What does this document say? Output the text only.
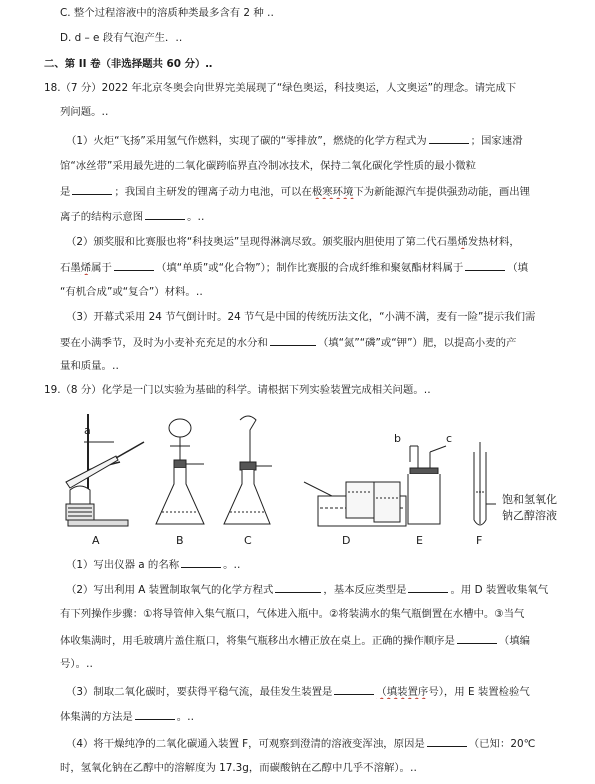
C. 整个过程溶液中的溶质种类最多含有 2 种 ‥
D. d – e 段有气泡产生．‥
二、第 II 卷（非选择题共 60 分）‥
18.（7 分）2022 年北京冬奥会向世界完美展现了“绿色奥运，科技奥运，人文奥运”的理念。请完成下
列问题。‥
（1）火炬“飞扬”采用氢气作燃料，实现了碳的“零排放”，燃烧的化学方程式为	；国家速滑
馆“冰丝带”采用最先进的二氧化碳跨临界直冷制冰技术，保持二氧化碳化学性质的最小微粒
是	；我国自主研发的锂离子动力电池，可以在极寒环境下为新能源汽车提供强劲动能，画出锂
离子的结构示意图	。‥
（2）颁奖服和比赛服也将“科技奥运”呈现得淋漓尽致。颁奖服内胆使用了第二代石墨烯发热材料，
石墨烯属于	（填“单质”或“化合物”）；制作比赛服的合成纤维和聚氨酯材料属于	（填
“有机合成”或“复合”）材料。‥
（3）开幕式采用 24 节气倒计时。24 节气是中国的传统历法文化，“小满不满，麦有一险”提示我们需
要在小满季节，及时为小麦补充充足的水分和	（填“氮”“磷”或“钾”）肥，以提高小麦的产
量和质量。‥
19.（8 分）化学是一门以实验为基础的科学。请根据下列实验装置完成相关问题。‥
a
b	c
饱和氢氧化
钠乙醇溶液
A	B	C	D	E	F
（1）写出仪器 a 的名称	。‥
（2）写出利用 A 装置制取氧气的化学方程式	，基本反应类型是	。用 D 装置收集氧气
有下列操作步骤：①将导管伸入集气瓶口，气体进入瓶中。②将装满水的集气瓶倒置在水槽中。③当气
体收集满时，用毛玻璃片盖住瓶口，将集气瓶移出水槽正放在桌上。正确的操作顺序是	（填编
号）。‥
（3）制取二氧化碳时，要获得平稳气流，最佳发生装置是	（填装置序号），用 E 装置检验气
体集满的方法是	。‥
（4）将干燥纯净的二氧化碳通入装置 F，可观察到澄清的溶液变浑浊，原因是	（已知：20℃
时，氢氧化钠在乙醇中的溶解度为 17.3g，而碳酸钠在乙醇中几乎不溶解）。‥
